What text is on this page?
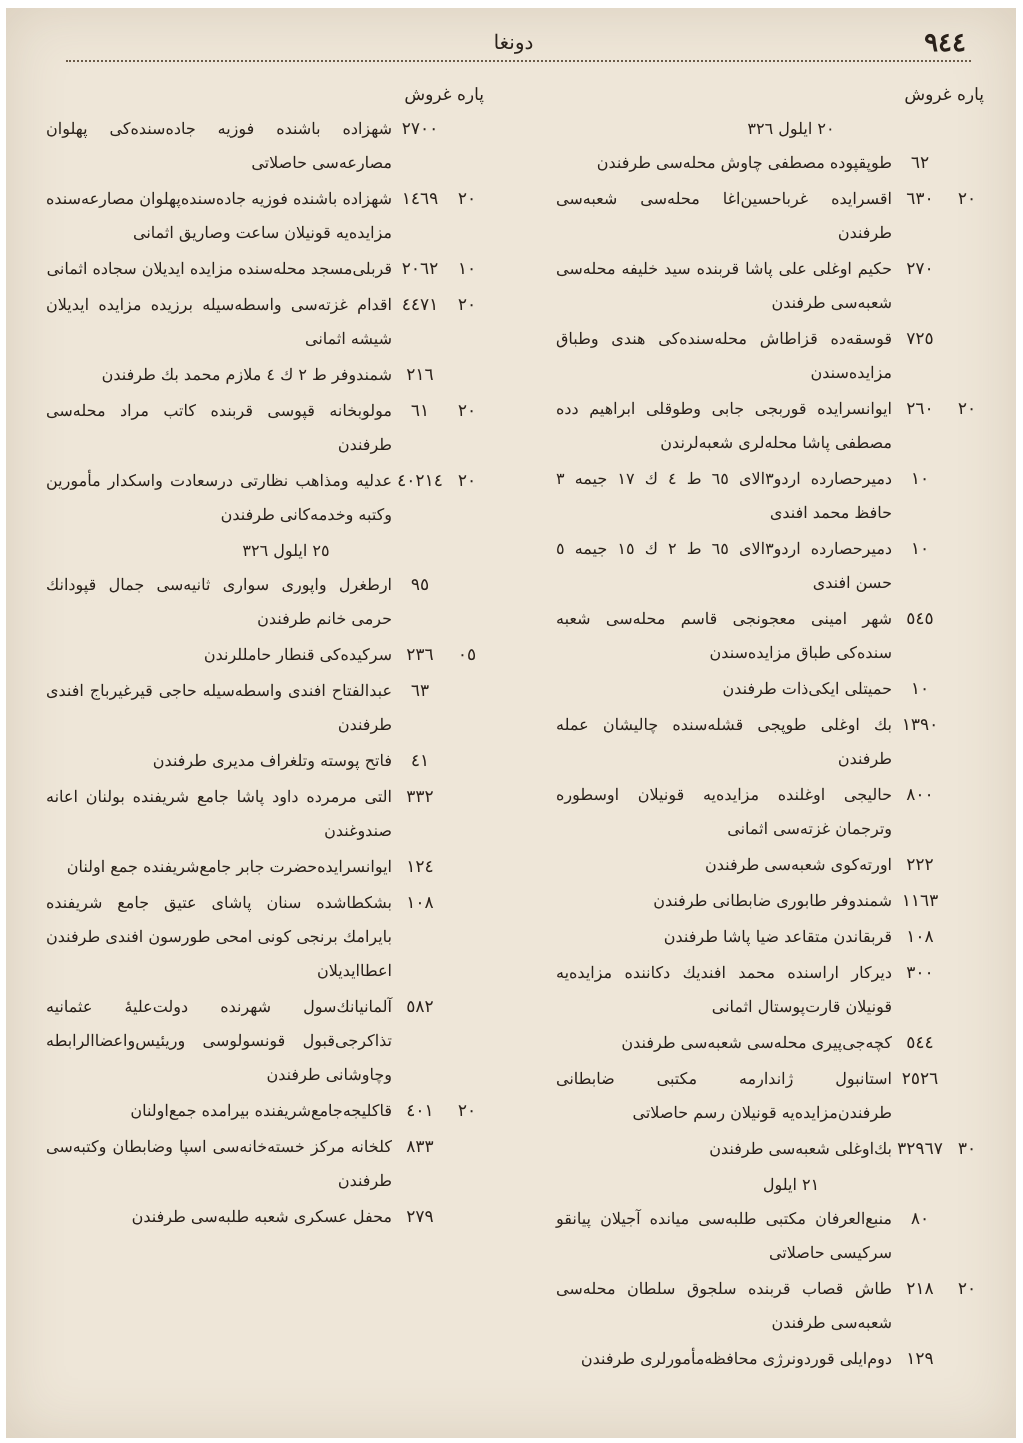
٩٤٤
دونغا
پاره غروش
٢٠ ايلول ٣٢٦
٦٢
طوپقپوده مصطفى چاوش محله‌سى طرفندن
٢٠
٦٣٠
اقسرايده غرباحسين‌اغا محله‌سى شعبه‌سى طرفندن
٢٧٠
حكيم اوغلى على پاشا قربنده سيد خليفه محله‌سى شعبه‌سى طرفندن
٧٢٥
قوسقه‌ده قزاطاش محله‌سنده‌كى هندى وطباق مزايده‌سندن
٢٠
٢٦٠
ايوانسرايده قوربجى جابى وطوقلى ابراهيم دده مصطفى پاشا محله‌لرى شعبه‌لرندن
١٠
دميرحصارده اردو٣الاى ٦٥ ط ٤ ك ١٧ جيمه ٣ حافظ محمد افندى
١٠
دميرحصارده اردو٣الاى ٦٥ ط ٢ ك ١٥ جيمه ٥ حسن افندى
٥٤٥
شهر امينى معجونجى قاسم محله‌سى شعبه سنده‌كى طباق مزايده‌سندن
١٠
حميتلى ايكى‌ذات طرفندن
١٣٩٠
بك اوغلى طوپجى قشله‌سنده چاليشان عمله طرفندن
٨٠٠
حاليجى اوغلنده مزايده‌يه قونيلان اوسطوره وترجمان غزته‌سى اثمانى
٢٢٢
اورته‌كوى شعبه‌سى طرفندن
١١٦٣
شمندوفر طابورى ضابطانى طرفندن
١٠٨
قربقاندن متقاعد ضيا پاشا طرفندن
٣٠٠
ديركار اراسنده محمد افنديك دكاننده مزايده‌يه قونيلان قارت‌پوستال اثمانى
٥٤٤
كچه‌جى‌پيرى محله‌سى شعبه‌سى طرفندن
٢٥٢٦
استانبول ژاندارمه مكتبى ضابطانى طرفندن‌مزايده‌يه قونيلان رسم حاصلاتى
٣٠
٣٢٩٦٧
بك‌اوغلى شعبه‌سى طرفندن
٢١ ايلول
٨٠
منبع‌العرفان مكتبى طلبه‌سى ميانده آجيلان پيانقو سركيسى حاصلاتى
٢٠
٢١٨
طاش قصاب قربنده سلجوق سلطان محله‌سى شعبه‌سى طرفندن
١٢٩
دوم‌ايلى قوردونرژى محافظه‌مأمورلرى طرفندن
پاره غروش
٢٧٠٠
شهزاده باشنده فوزيه جاده‌سنده‌كى پهلوان مصارعه‌سى حاصلاتى
٢٠
١٤٦٩
شهزاده باشنده فوزيه جاده‌سنده‌پهلوان مصارعه‌سنده مزايده‌يه قونيلان ساعت وصاريق اثمانى
١٠
٢٠٦٢
قربلى‌مسجد محله‌سنده مزايده ايديلان سجاده اثمانى
٢٠
٤٤٧١
اقدام غزته‌سى واسطه‌سيله برزيده مزايده ايديلان شيشه اثمانى
٢١٦
شمندوفر ط ٢ ك ٤ ملازم محمد بك طرفندن
٢٠
٦١
مولوبخانه قپوسى قربنده كاتب مراد محله‌سى طرفندن
٢٠
٤٠٢١٤
عدليه ومذاهب نظارتى درسعادت واسكدار مأمورين وكتبه وخدمه‌كانى طرفندن
٢٥ ايلول ٣٢٦
٩٥
ارطغرل واپورى سوارى ثانيه‌سى جمال قپودانك حرمى خانم طرفندن
٠٥
٢٣٦
سركيده‌كى قنطار حامللرندن
٦٣
عبدالفتاح افندى واسطه‌سيله حاجى قيرغيرباج افندى طرفندن
٤١
فاتح پوسته وتلغراف مديرى طرفندن
٣٣٢
التى مرمرده داود پاشا جامع شريفنده بولنان اعانه صندوغندن
١٢٤
ايوانسرايده‌حضرت جابر جامع‌شريفنده جمع اولنان
١٠٨
بشكطاشده سنان پاشاى عتيق جامع شريفنده بايرامك برنجى كونى امحى طورسون افندى طرفندن اعطاايديلان
٥٨٢
آلمانيانك‌سول شهرنده دولت‌عليهٔ عثمانيه تذاكرجى‌قبول قونسولوسى وريئيس‌واعضا‌الرابطه وچاوشانى طرفندن
٢٠
٤٠١
قاكليجه‌جامع‌شريفنده بيرامده جمع‌اولنان
٨٣٣
كلخانه مركز خسته‌خانه‌سى اسپا وضابطان وكتبه‌سى طرفندن
٢٧٩
محفل عسكرى شعبه طلبه‌سى طرفندن
